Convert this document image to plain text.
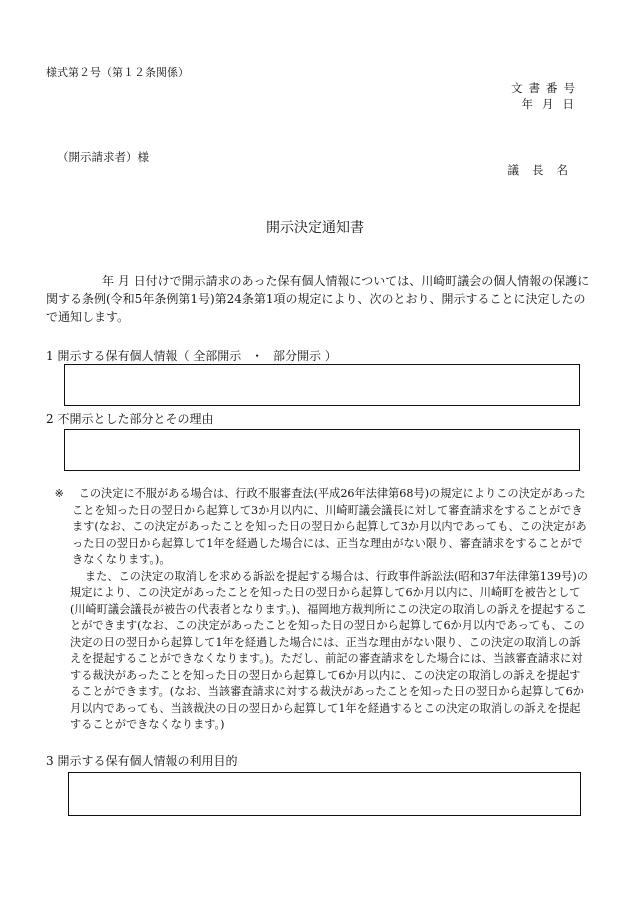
様式第２号（第１２条関係）
文書番号
年月日
（開示請求者）様
議長名
開示決定通知書
年 月 日付けで開示請求のあった保有個人情報については、川崎町議会の個人情報の保護に
関する条例(令和5年条例第1号)第24条第1項の規定により、次のとおり、開示することに決定したので通知します。
1 開示する保有個人情報（ 全部開示 ・ 部分開示 ）
2 不開示とした部分とその理由

※ この決定に不服がある場合は、行政不服審査法(平成26年法律第68号)の規定によりこの決定があったことを知った日の翌日から起算して3か月以内に、川崎町議会議長に対して審査請求をすることができます(なお、この決定があったことを知った日の翌日から起算して3か月以内であっても、この決定があった日の翌日から起算して1年を経過した場合には、正当な理由がない限り、審査請求をすることができなくなります。)。

また、この決定の取消しを求める訴訟を提起する場合は、行政事件訴訟法(昭和37年法律第139号)の

規定により、この決定があったことを知った日の翌日から起算して6か月以内に、川崎町を被告として(川崎町議会議長が被告の代表者となります。)、福岡地方裁判所にこの決定の取消しの訴えを提起することができます(なお、この決定があったことを知った日の翌日から起算して6か月以内であっても、この決定の日の翌日から起算して1年を経過した場合には、正当な理由がない限り、この決定の取消しの訴えを提起することができなくなります。)。ただし、前記の審査請求をした場合には、当該審査請求に対する裁決があったことを知った日の翌日から起算して6か月以内に、この決定の取消しの訴えを提起することができます。(なお、当該審査請求に対する裁決があったことを知った日の翌日から起算して6か月以内であっても、当該裁決の日の翌日から起算して1年を経過するとこの決定の取消しの訴えを提起することができなくなります。)

3 開示する保有個人情報の利用目的
